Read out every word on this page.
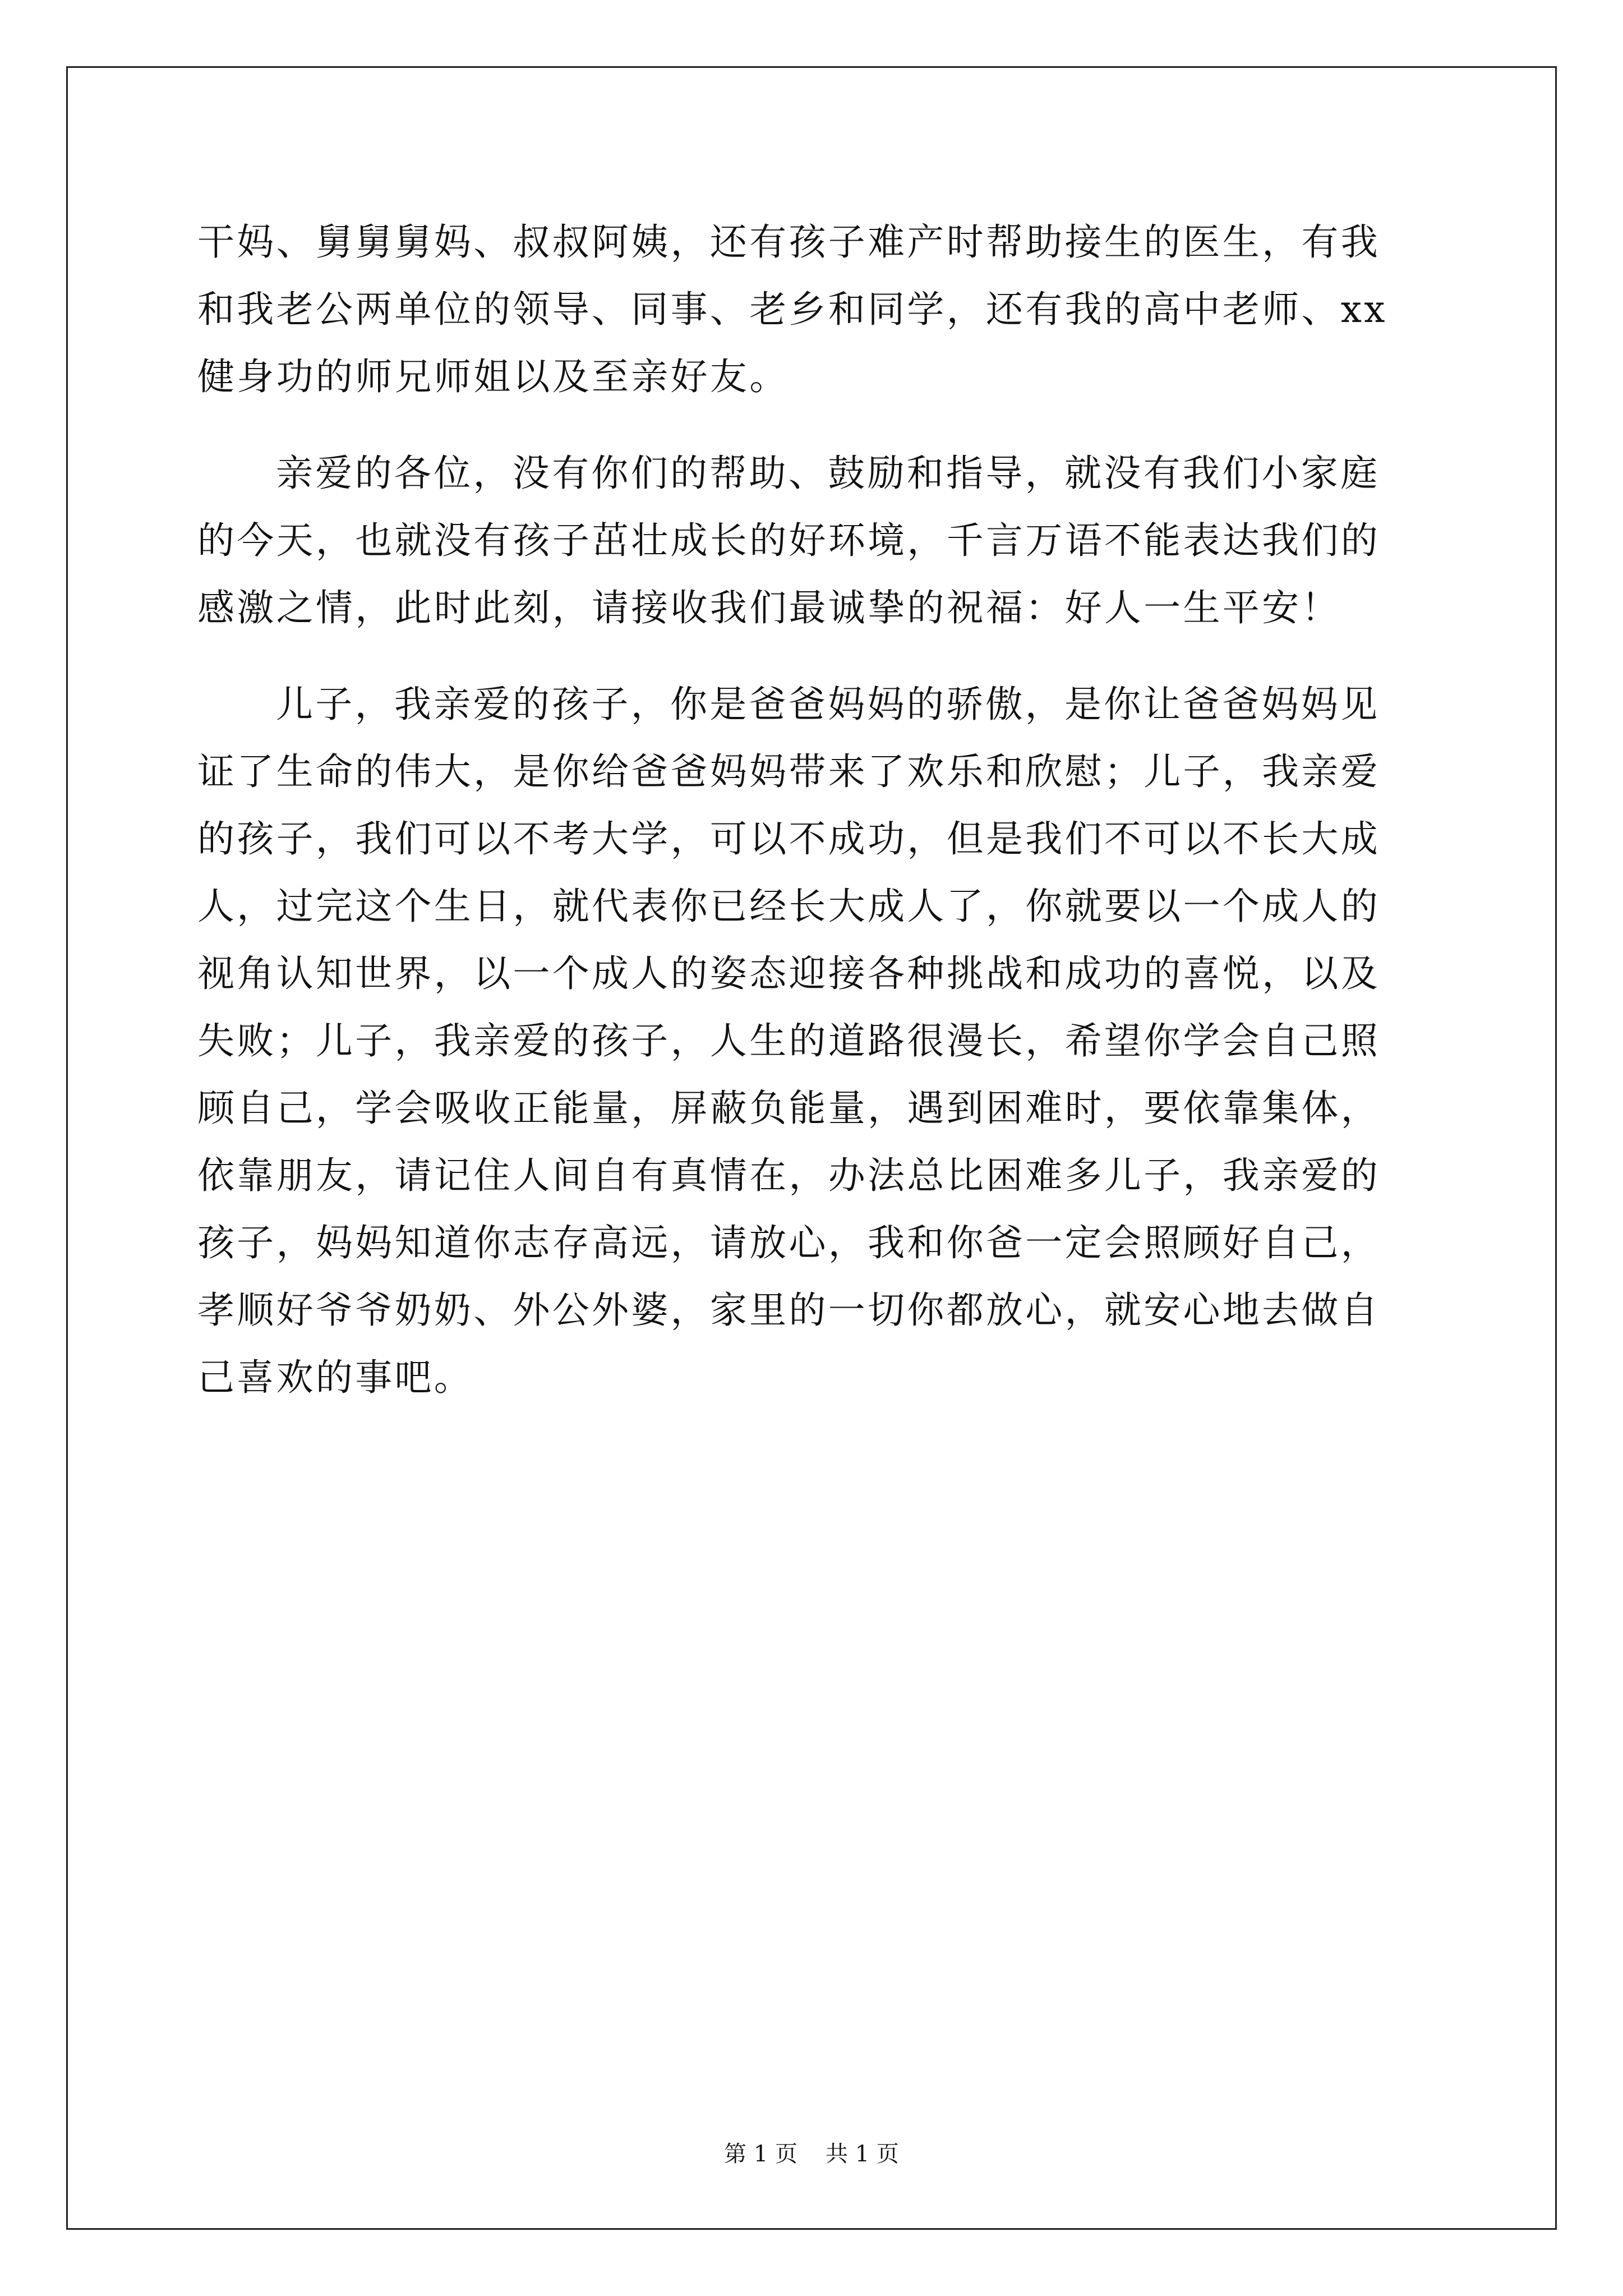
干妈、舅舅舅妈、叔叔阿姨，还有孩子难产时帮助接生的医生，有我
和我老公两单位的领导、同事、老乡和同学，还有我的高中老师、xx
健身功的师兄师姐以及至亲好友。
亲爱的各位，没有你们的帮助、鼓励和指导，就没有我们小家庭
的今天，也就没有孩子茁壮成长的好环境，千言万语不能表达我们的
感激之情，此时此刻，请接收我们最诚挚的祝福：好人一生平安！
儿子，我亲爱的孩子，你是爸爸妈妈的骄傲，是你让爸爸妈妈见
证了生命的伟大，是你给爸爸妈妈带来了欢乐和欣慰；儿子，我亲爱
的孩子，我们可以不考大学，可以不成功，但是我们不可以不长大成
人，过完这个生日，就代表你已经长大成人了，你就要以一个成人的
视角认知世界，以一个成人的姿态迎接各种挑战和成功的喜悦，以及
失败；儿子，我亲爱的孩子，人生的道路很漫长，希望你学会自己照
顾自己，学会吸收正能量，屏蔽负能量，遇到困难时，要依靠集体，
依靠朋友，请记住人间自有真情在，办法总比困难多儿子，我亲爱的
孩子，妈妈知道你志存高远，请放心，我和你爸一定会照顾好自己，
孝顺好爷爷奶奶、外公外婆，家里的一切你都放心，就安心地去做自
己喜欢的事吧。
第 1 页 共 1 页
